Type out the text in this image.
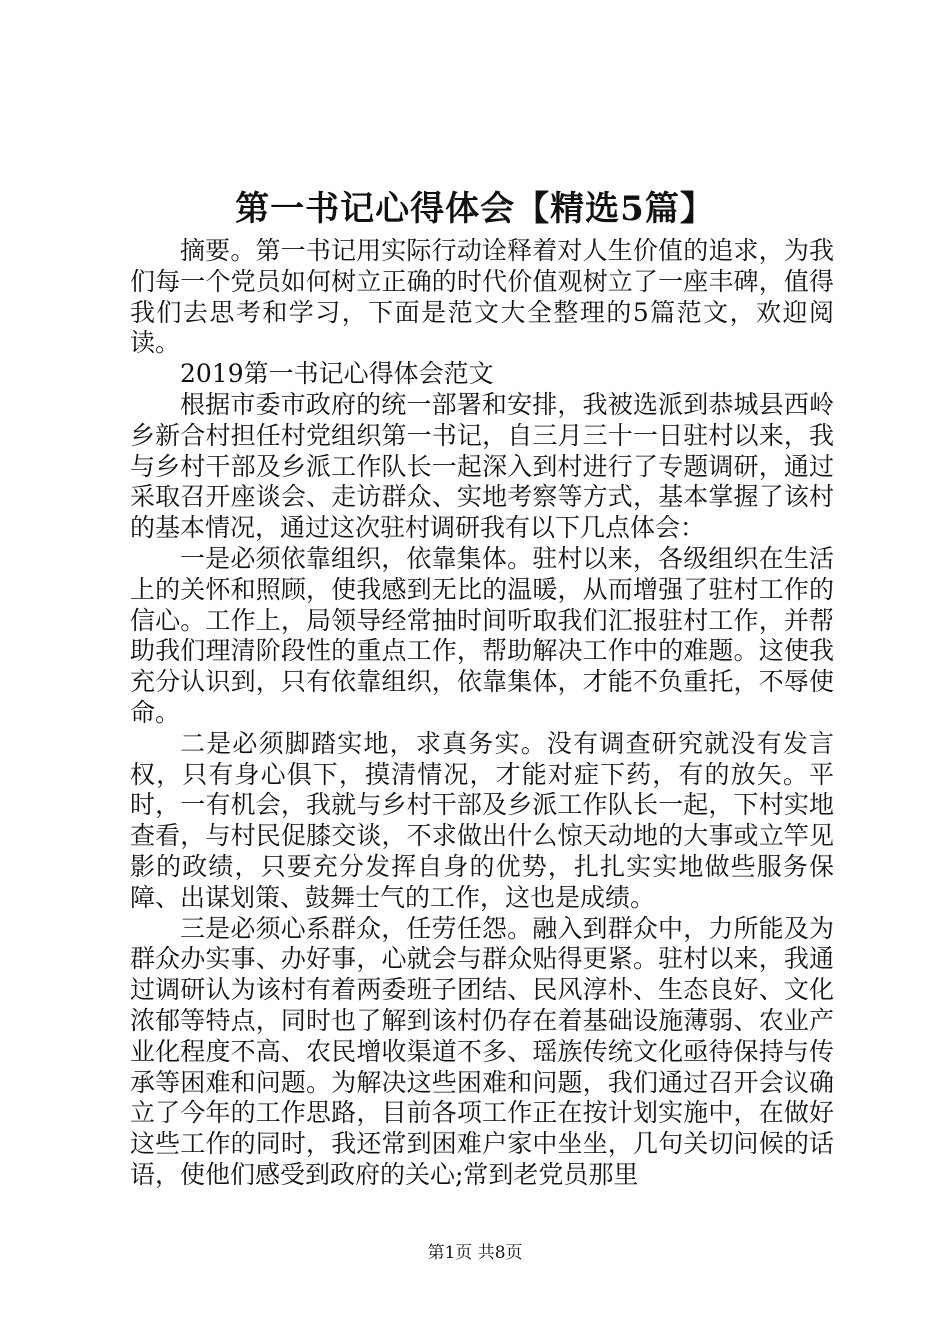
第一书记心得体会【精选5篇】

摘要。第一书记用实际行动诠释着对人生价值的追求，为我们每一个党员如何树立正确的时代价值观树立了一座丰碑，值得我们去思考和学习，下面是范文大全整理的5篇范文，欢迎阅读。

2019第一书记心得体会范文

根据市委市政府的统一部署和安排，我被选派到恭城县西岭乡新合村担任村党组织第一书记，自三月三十一日驻村以来，我与乡村干部及乡派工作队长一起深入到村进行了专题调研，通过采取召开座谈会、走访群众、实地考察等方式，基本掌握了该村的基本情况，通过这次驻村调研我有以下几点体会：

一是必须依靠组织，依靠集体。驻村以来，各级组织在生活上的关怀和照顾，使我感到无比的温暖，从而增强了驻村工作的信心。工作上，局领导经常抽时间听取我们汇报驻村工作，并帮助我们理清阶段性的重点工作，帮助解决工作中的难题。这使我充分认识到，只有依靠组织，依靠集体，才能不负重托，不辱使命。

二是必须脚踏实地，求真务实。没有调查研究就没有发言权，只有身心俱下，摸清情况，才能对症下药，有的放矢。平时，一有机会，我就与乡村干部及乡派工作队长一起，下村实地查看，与村民促膝交谈，不求做出什么惊天动地的大事或立竿见影的政绩，只要充分发挥自身的优势，扎扎实实地做些服务保障、出谋划策、鼓舞士气的工作，这也是成绩。

三是必须心系群众，任劳任怨。融入到群众中，力所能及为群众办实事、办好事，心就会与群众贴得更紧。驻村以来，我通过调研认为该村有着两委班子团结、民风淳朴、生态良好、文化浓郁等特点，同时也了解到该村仍存在着基础设施薄弱、农业产业化程度不高、农民增收渠道不多、瑶族传统文化亟待保持与传承等困难和问题。为解决这些困难和问题，我们通过召开会议确立了今年的工作思路，目前各项工作正在按计划实施中，在做好这些工作的同时，我还常到困难户家中坐坐，几句关切问候的话语，使他们感受到政府的关心;常到老党员那里

第1页 共8页
